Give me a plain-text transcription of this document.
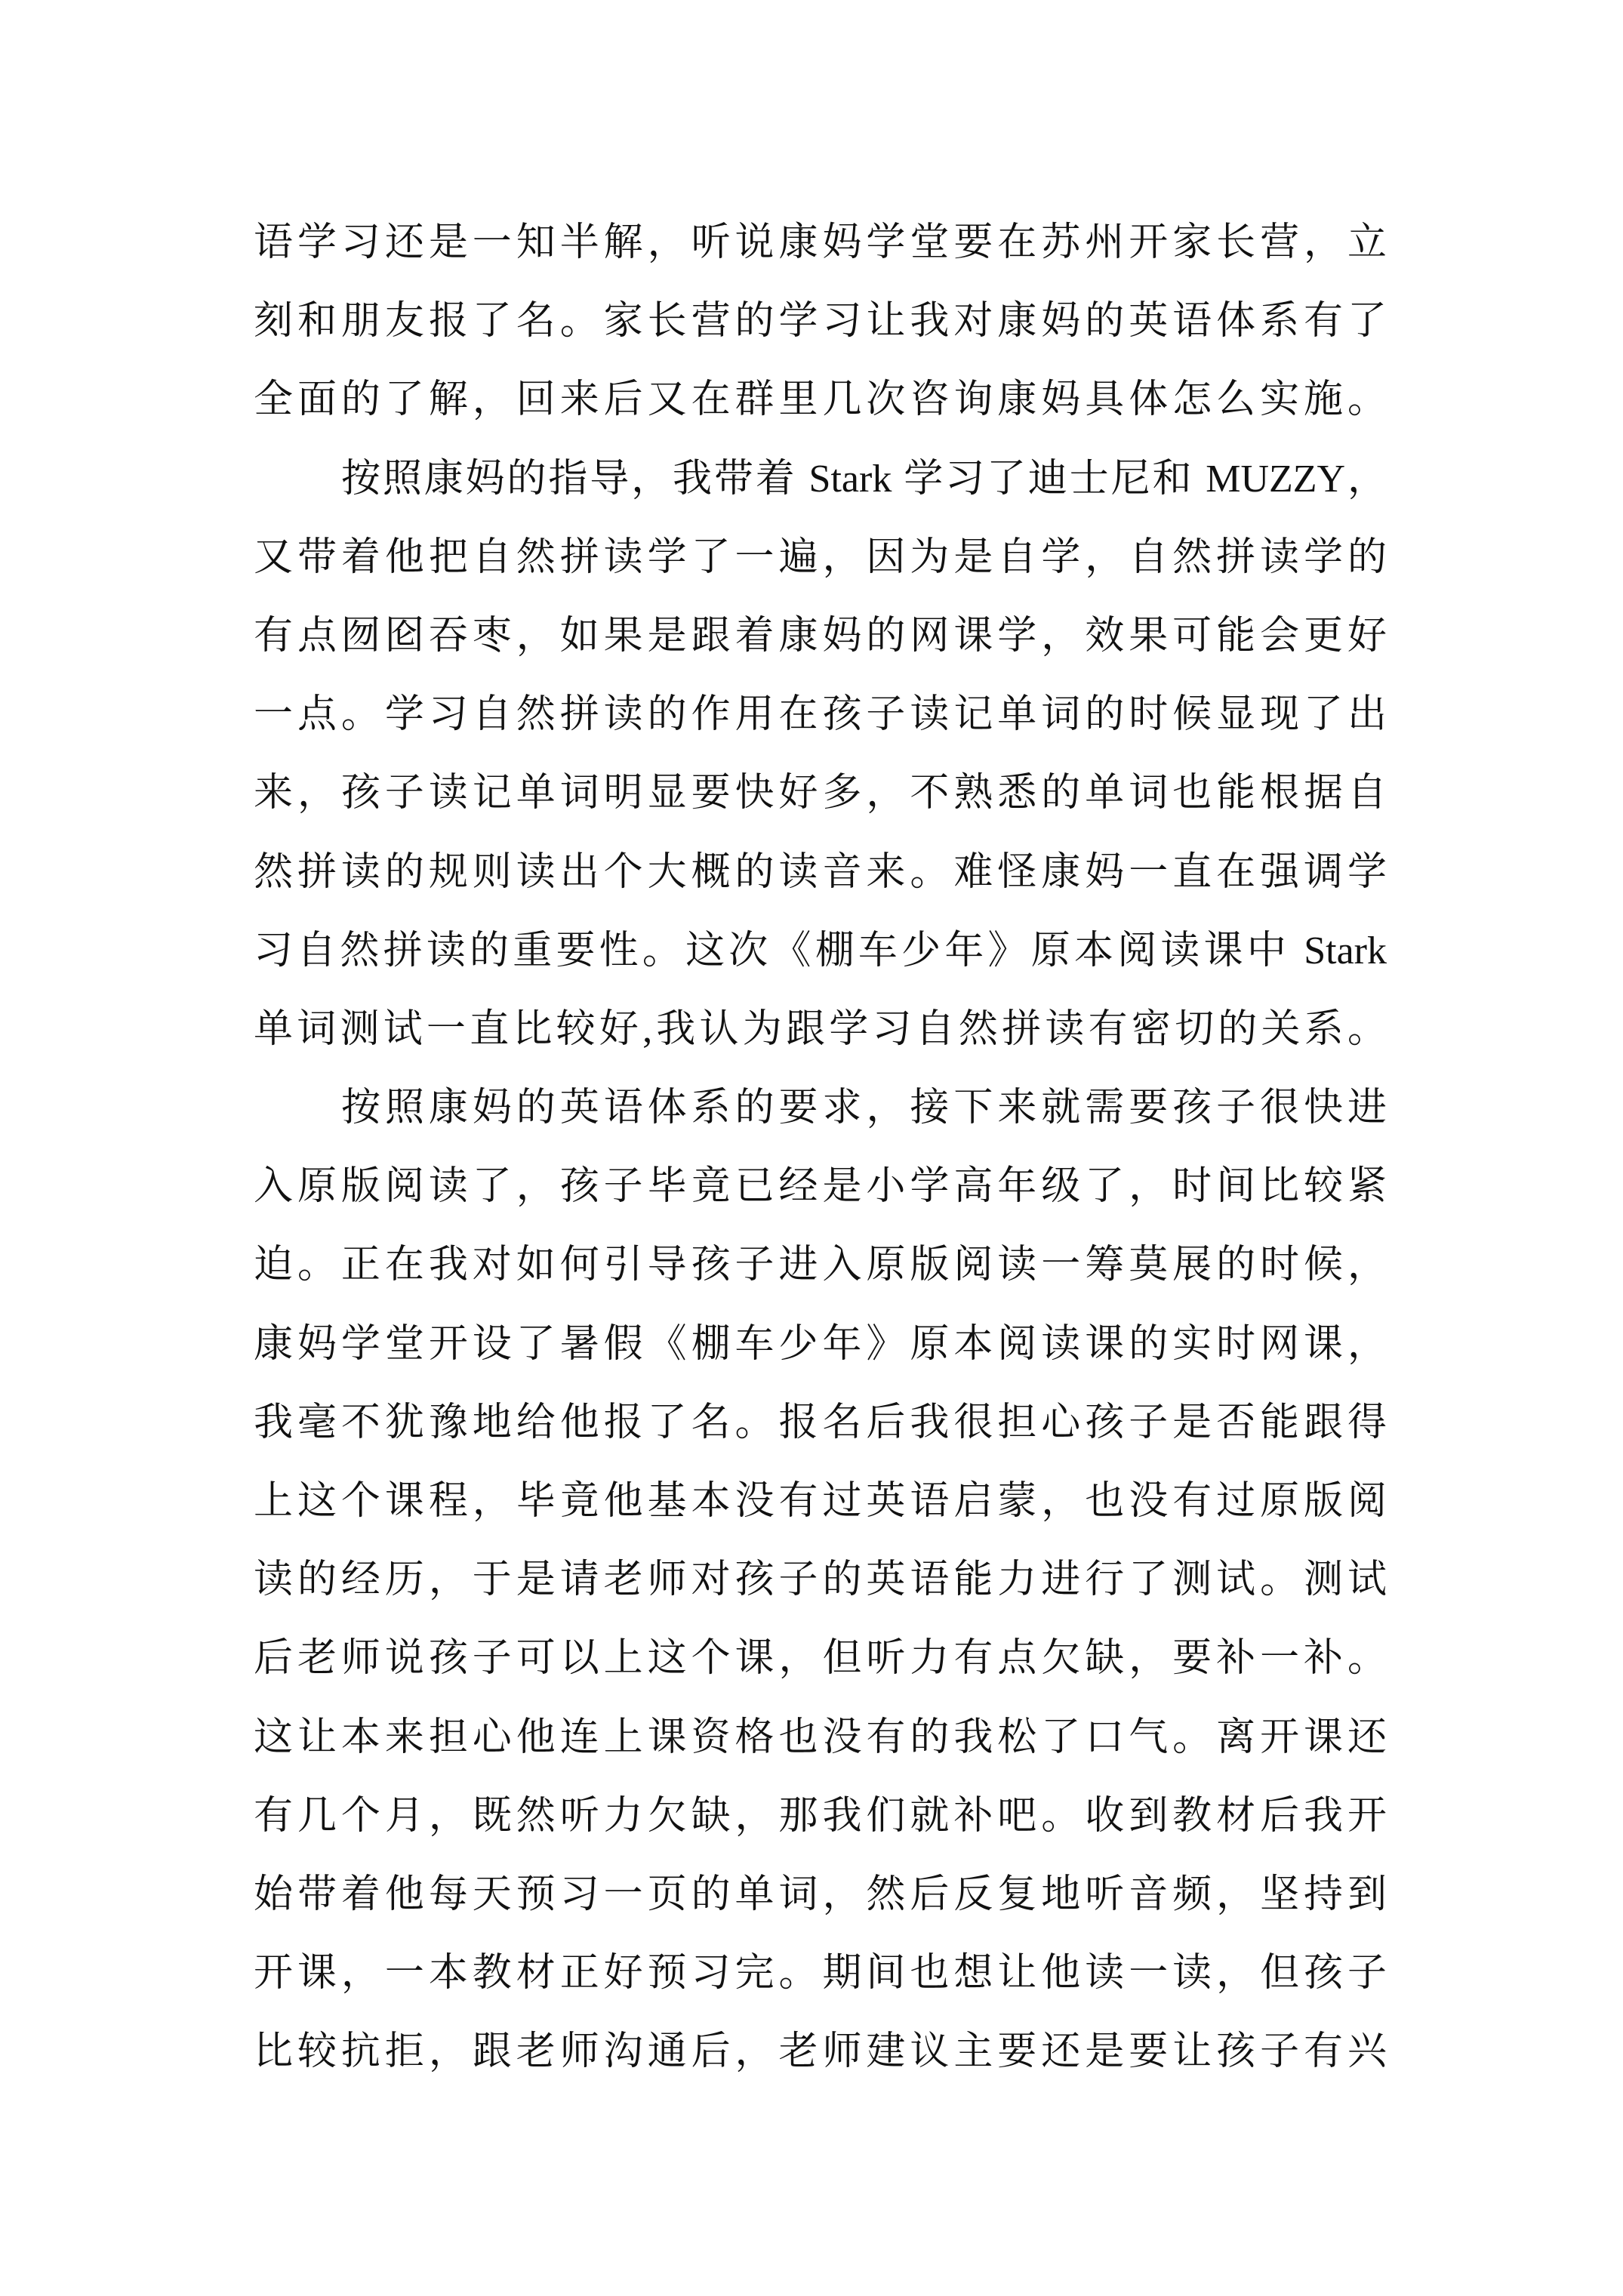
语学习还是一知半解，听说康妈学堂要在苏州开家长营，立
刻和朋友报了名。家长营的学习让我对康妈的英语体系有了
全面的了解，回来后又在群里几次咨询康妈具体怎么实施。
按照康妈的指导，我带着 Stark 学习了迪士尼和 MUZZY，
又带着他把自然拼读学了一遍，因为是自学，自然拼读学的
有点囫囵吞枣，如果是跟着康妈的网课学，效果可能会更好
一点。学习自然拼读的作用在孩子读记单词的时候显现了出
来，孩子读记单词明显要快好多，不熟悉的单词也能根据自
然拼读的规则读出个大概的读音来。难怪康妈一直在强调学
习自然拼读的重要性。这次《棚车少年》原本阅读课中 Stark
单词测试一直比较好,我认为跟学习自然拼读有密切的关系。
按照康妈的英语体系的要求，接下来就需要孩子很快进
入原版阅读了，孩子毕竟已经是小学高年级了，时间比较紧
迫。正在我对如何引导孩子进入原版阅读一筹莫展的时候，
康妈学堂开设了暑假《棚车少年》原本阅读课的实时网课，
我毫不犹豫地给他报了名。报名后我很担心孩子是否能跟得
上这个课程，毕竟他基本没有过英语启蒙，也没有过原版阅
读的经历，于是请老师对孩子的英语能力进行了测试。测试
后老师说孩子可以上这个课，但听力有点欠缺，要补一补。
这让本来担心他连上课资格也没有的我松了口气。离开课还
有几个月，既然听力欠缺，那我们就补吧。收到教材后我开
始带着他每天预习一页的单词，然后反复地听音频，坚持到
开课，一本教材正好预习完。期间也想让他读一读，但孩子
比较抗拒，跟老师沟通后，老师建议主要还是要让孩子有兴
